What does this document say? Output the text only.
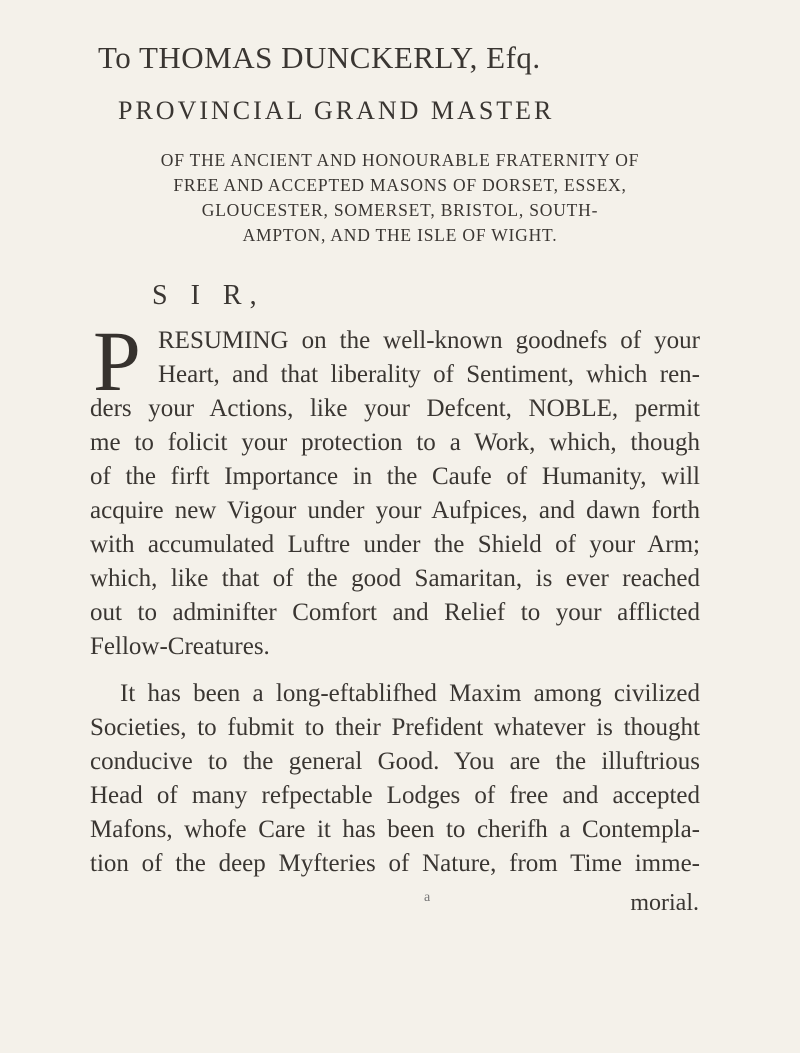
To THOMAS DUNCKERLY, Efq.
PROVINCIAL GRAND MASTER
OF THE ANCIENT AND HONOURABLE FRATERNITY OF
FREE AND ACCEPTED MASONS OF DORSET, ESSEX,
GLOUCESTER, SOMERSET, BRISTOL, SOUTH-
AMPTON, AND THE ISLE OF WIGHT.
S I R,
P RESUMING on the well-known goodnefs of your
Heart, and that liberality of Sentiment, which ren-
ders your Actions, like your Defcent, NOBLE, permit
me to folicit your protection to a Work, which, though
of the firft Importance in the Caufe of Humanity, will
acquire new Vigour under your Aufpices, and dawn forth
with accumulated Luftre under the Shield of your Arm;
which, like that of the good Samaritan, is ever reached
out to adminifter Comfort and Relief to your afflicted
Fellow-Creatures.
It has been a long-eftablifhed Maxim among civilized
Societies, to fubmit to their Prefident whatever is thought
conducive to the general Good. You are the illuftrious
Head of many refpectable Lodges of free and accepted
Mafons, whofe Care it has been to cherifh a Contempla-
tion of the deep Myfteries of Nature, from Time imme-
a	morial.
